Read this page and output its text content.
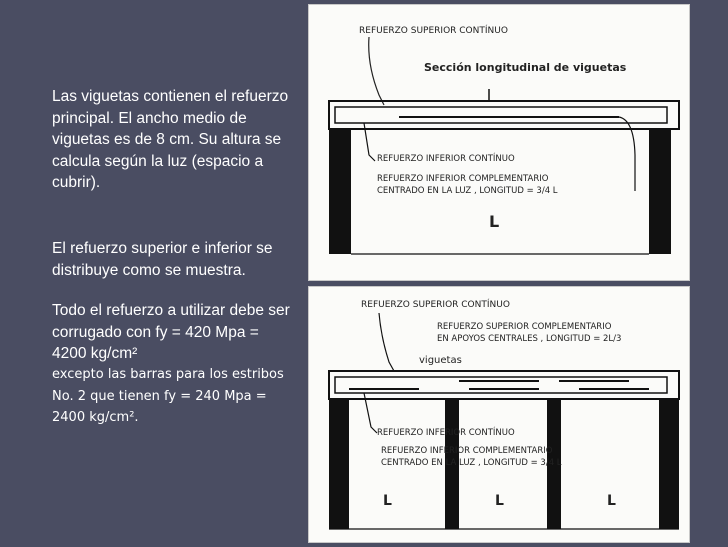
Las viguetas contienen el refuerzo principal. El ancho medio de viguetas es de 8 cm. Su altura se calcula según la luz (espacio a cubrir).
El refuerzo superior e inferior se distribuye como se muestra.
Todo el refuerzo a utilizar debe ser corrugado con fy = 420 Mpa = 4200 kg/cm²
excepto las barras para los estribos No. 2 que tienen fy = 240 Mpa = 2400 kg/cm².
REFUERZO SUPERIOR CONTÍNUO
Sección longitudinal de viguetas
REFUERZO INFERIOR CONTÍNUO
REFUERZO INFERIOR COMPLEMENTARIO
CENTRADO EN LA LUZ , LONGITUD = 3/4 L
L
REFUERZO SUPERIOR CONTÍNUO
REFUERZO SUPERIOR COMPLEMENTARIO
EN APOYOS CENTRALES , LONGITUD = 2L/3
viguetas
REFUERZO INFERIOR CONTÍNUO
REFUERZO INFERIOR COMPLEMENTARIO
CENTRADO EN LA LUZ , LONGITUD = 3/4 L
L	L	L
